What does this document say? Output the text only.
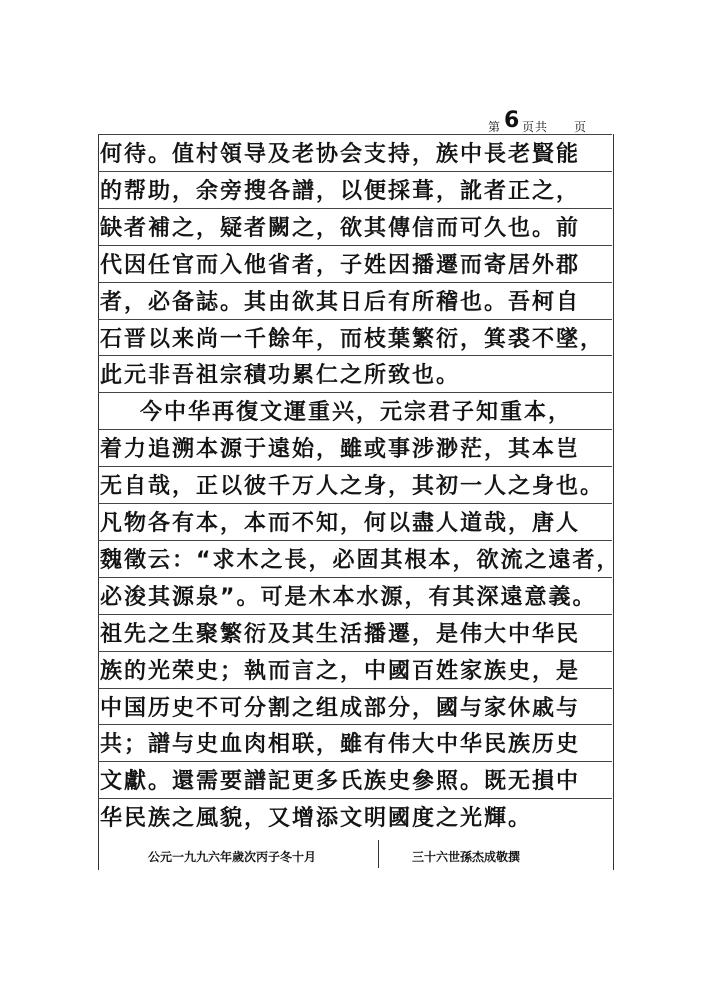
第 6 页共 页
何待。值村領导及老协会支持，族中長老賢能
的帮助，余旁搜各譜，以便採葺，訛者正之，
缺者補之，疑者闕之，欲其傳信而可久也。前
代因任官而入他省者，子姓因播遷而寄居外郡
者，必备誌。其由欲其日后有所稽也。吾柯自
石晋以来尚一千餘年，而枝葉繁衍，箕裘不墜，
此元非吾祖宗積功累仁之所致也。
今中华再復文運重兴，元宗君子知重本，
着力追溯本源于遠始，雖或事涉渺茫，其本岂
无自哉，正以彼千万人之身，其初一人之身也。
凡物各有本，本而不知，何以盡人道哉，唐人
魏徵云：“求木之長，必固其根本，欲流之遠者，
必浚其源泉”。可是木本水源，有其深遠意義。
祖先之生聚繁衍及其生活播遷，是伟大中华民
族的光荣史；執而言之，中國百姓家族史，是
中国历史不可分割之组成部分，國与家休戚与
公元一九九六年歲次丙子冬十月	三十六世孫杰成敬撰
共；譜与史血肉相联，雖有伟大中华民族历史
文獻。還需要譜記更多氏族史參照。既无損中
华民族之風貌，又增添文明國度之光輝。
